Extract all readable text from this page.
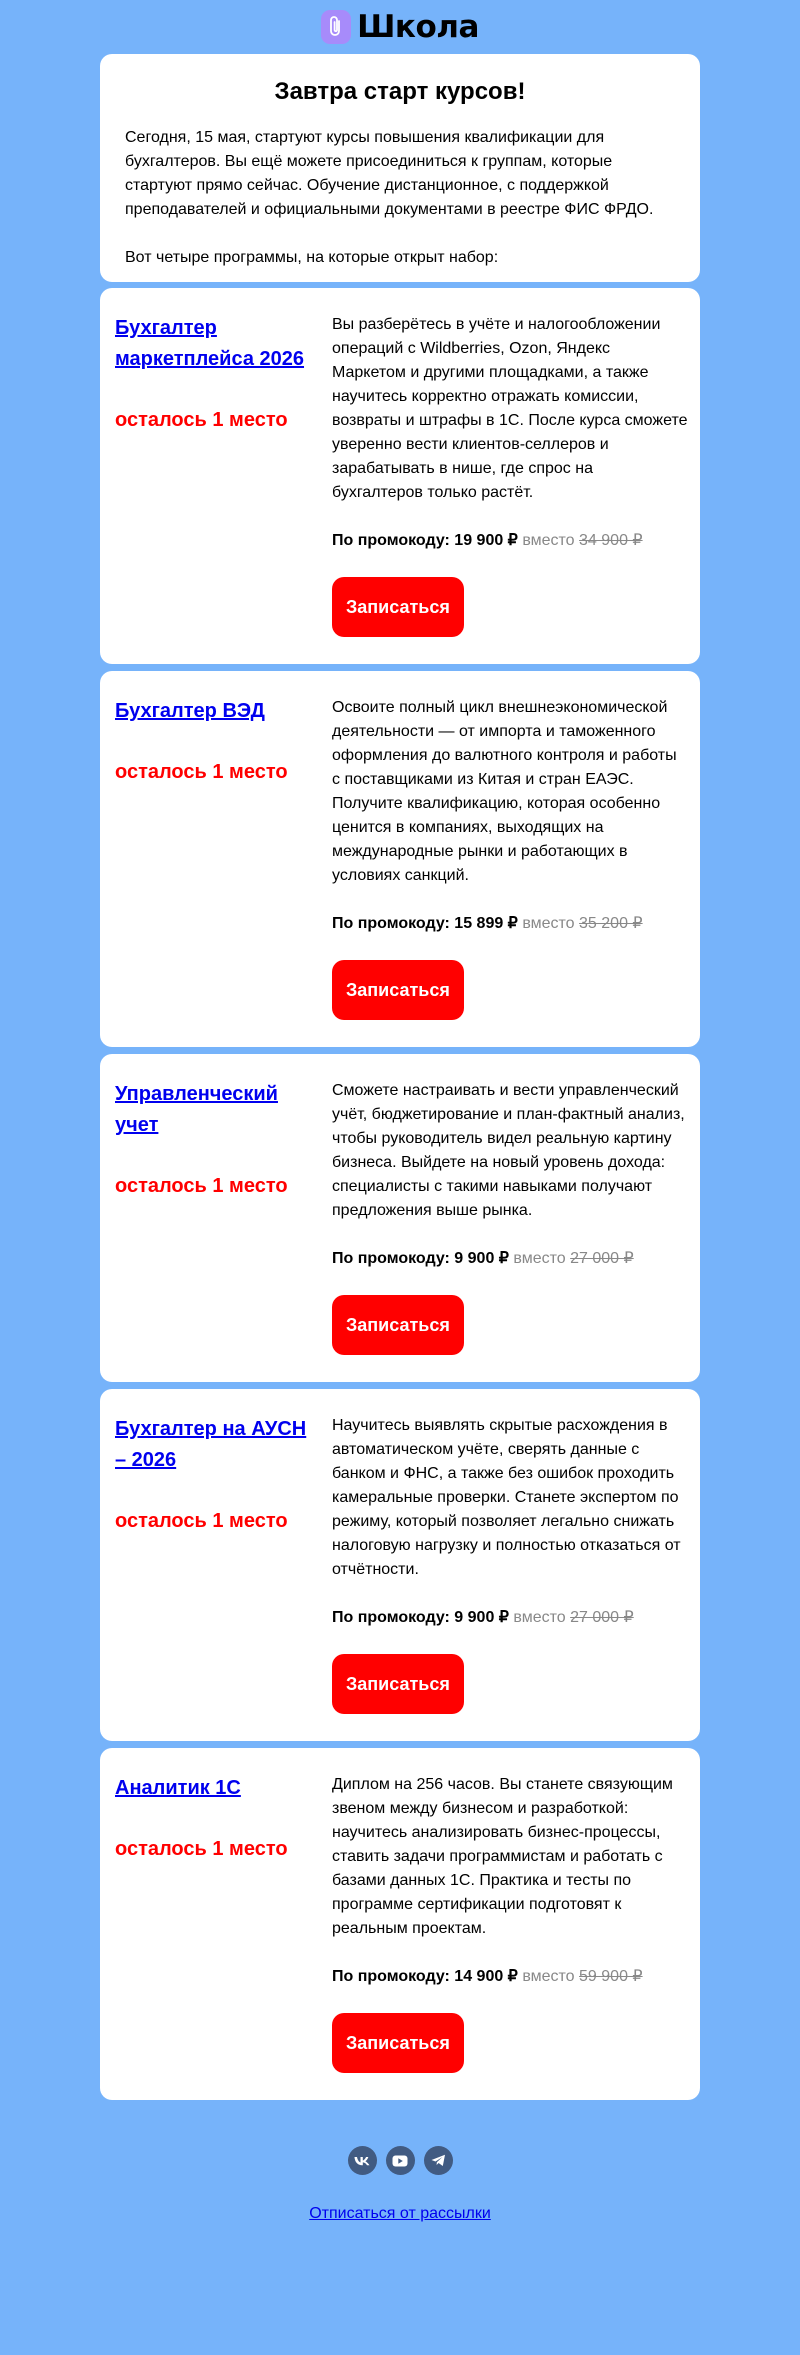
Школа
Завтра старт курсов!

Сегодня, 15 мая, стартуют курсы повышения квалификации для бухгалтеров. Вы ещё можете присоединиться к группам, которые стартуют прямо сейчас. Обучение дистанционное, с поддержкой преподавателей и официальными документами в реестре ФИС ФРДО.

Вот четыре программы, на которые открыт набор:

Бухгалтер маркетплейса 2026
осталось 1 место

Вы разберётесь в учёте и налогообложении операций с Wildberries, Ozon, Яндекс Маркетом и другими площадками, а также научитесь корректно отражать комиссии, возвраты и штрафы в 1С. После курса сможете уверенно вести клиентов-селлеров и зарабатывать в нише, где спрос на бухгалтеров только растёт.

По промокоду: 19 900 ₽ вместо 34 900 ₽
Записаться
Бухгалтер ВЭД
осталось 1 место

Освоите полный цикл внешнеэкономической деятельности — от импорта и таможенного оформления до валютного контроля и работы с поставщиками из Китая и стран ЕАЭС. Получите квалификацию, которая особенно ценится в компаниях, выходящих на международные рынки и работающих в условиях санкций.

По промокоду: 15 899 ₽ вместо 35 200 ₽
Записаться
Управленческий учет
осталось 1 место

Сможете настраивать и вести управленческий учёт, бюджетирование и план-фактный анализ, чтобы руководитель видел реальную картину бизнеса. Выйдете на новый уровень дохода: специалисты с такими навыками получают предложения выше рынка.

По промокоду: 9 900 ₽ вместо 27 000 ₽
Записаться
Бухгалтер на АУСН – 2026
осталось 1 место

Научитесь выявлять скрытые расхождения в автоматическом учёте, сверять данные с банком и ФНС, а также без ошибок проходить камеральные проверки. Станете экспертом по режиму, который позволяет легально снижать налоговую нагрузку и полностью отказаться от отчётности.

По промокоду: 9 900 ₽ вместо 27 000 ₽
Записаться
Аналитик 1С
осталось 1 место

Диплом на 256 часов. Вы станете связующим звеном между бизнесом и разработкой: научитесь анализировать бизнес-процессы, ставить задачи программистам и работать с базами данных 1С. Практика и тесты по программе сертификации подготовят к реальным проектам.

По промокоду: 14 900 ₽ вместо 59 900 ₽
Записаться
Отписаться от рассылки
